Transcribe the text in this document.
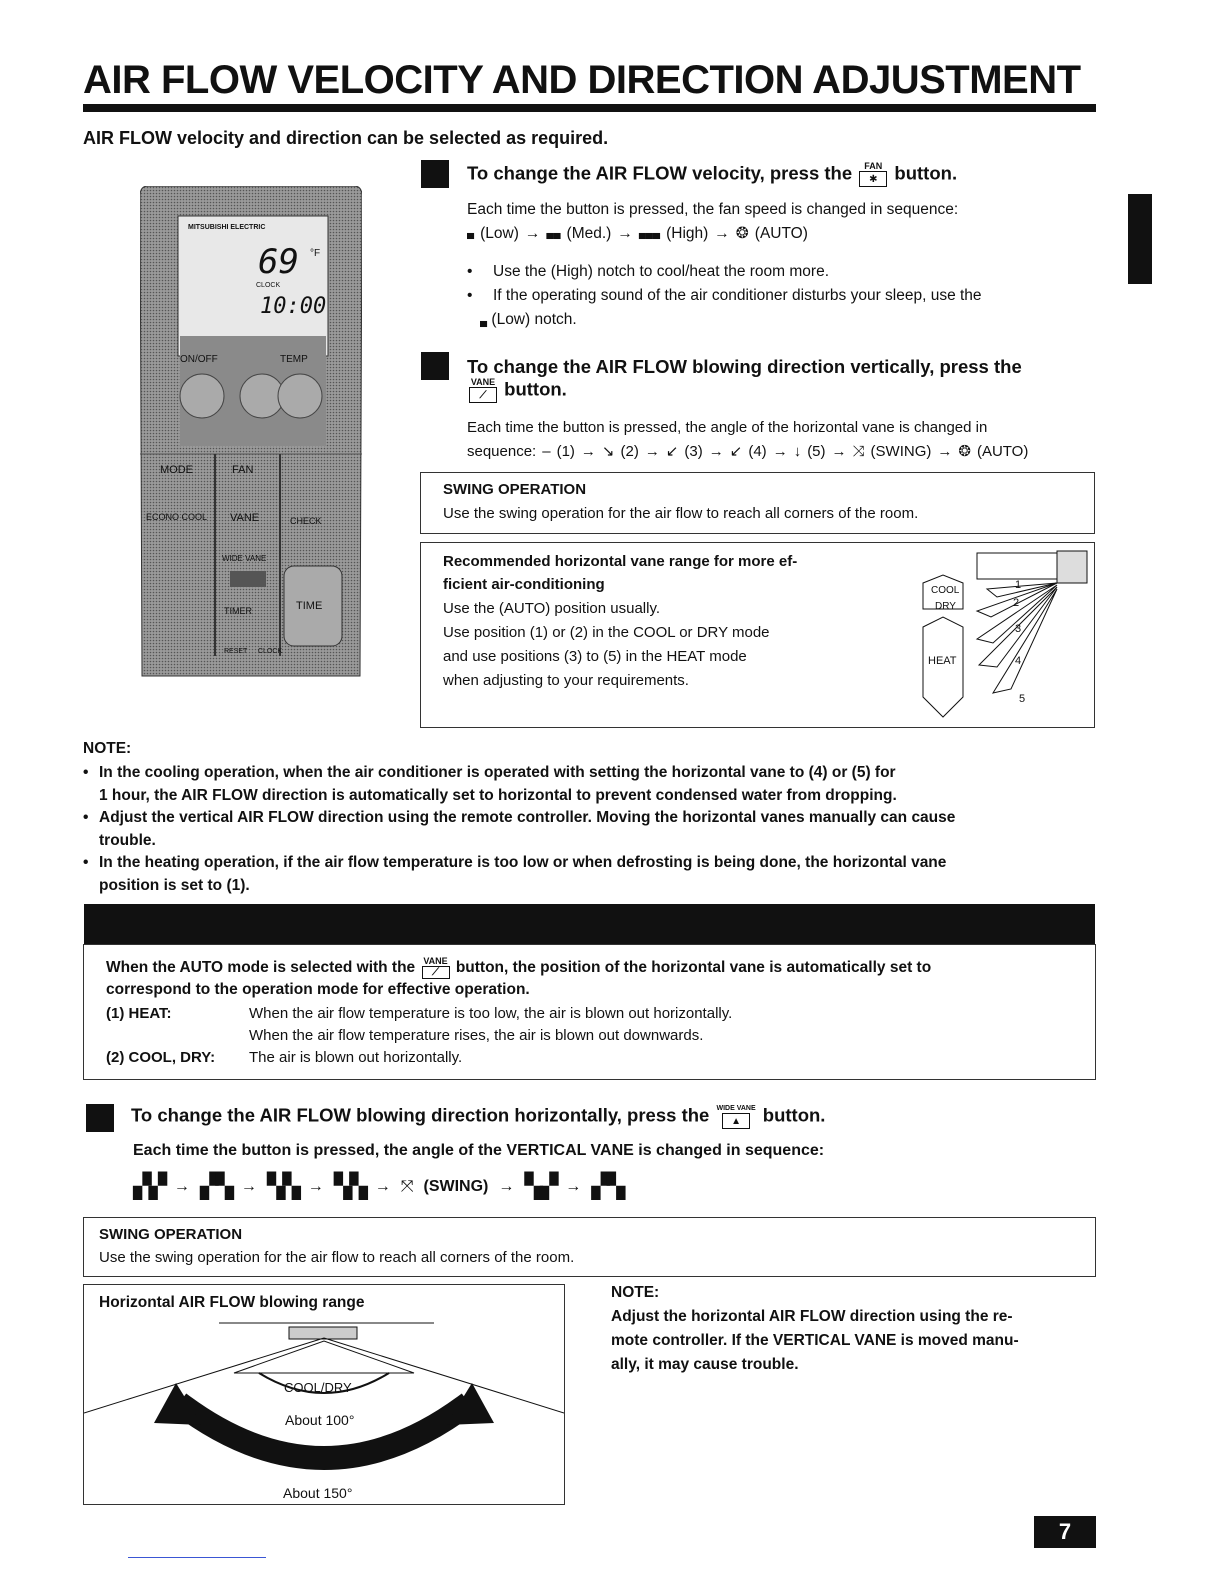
AIR FLOW VELOCITY AND DIRECTION ADJUSTMENT
AIR FLOW velocity and direction can be selected as required.
69 °F
CLOCK
10:00
MITSUBISHI ELECTRIC
ON/OFF	TEMP
MODE	FAN
ECONO COOL VANE
WIDE VANE
TIMER	TIME
RESET CLOCK
CHECK
To change the AIR FLOW velocity, press the FAN
✱ button.
Each time the button is pressed, the fan speed is changed in sequence:
▄ (Low) → ▄▄ (Med.) → ▄▄▄ (High) → ❂ (AUTO)
•	Use the (High) notch to cool/heat the room more.
•	If the operating sound of the air conditioner disturbs your sleep, use the
▄ (Low) notch.
To change the AIR FLOW blowing direction vertically, press the
VANE
⟋ button.
Each time the button is pressed, the angle of the horizontal vane is changed in
sequence: – (1) → ↘ (2) → ↙ (3) → ↙ (4) → ↓ (5) → ⤨ (SWING) → ❂ (AUTO)
SWING OPERATION
Use the swing operation for the air flow to reach all corners of the room.
Recommended horizontal vane range for more ef-
ficient air-conditioning
Use the (AUTO) position usually.
Use position (1) or (2) in the COOL or DRY mode
and use positions (3) to (5) in the HEAT mode
when adjusting to your requirements.
COOL
DRY
HEAT
1
2
3
4
5
NOTE:
• In the cooling operation, when the air conditioner is operated with setting the horizontal vane to (4) or (5) for
1 hour, the AIR FLOW direction is automatically set to horizontal to prevent condensed water from dropping.
• Adjust the vertical AIR FLOW direction using the remote controller. Moving the horizontal vanes manually can cause
trouble.
• In the heating operation, if the air flow temperature is too low or when defrosting is being done, the horizontal vane
position is set to (1).
When the AUTO mode is selected with the VANE
⟋	button, the position of the horizontal vane is automatically set to
correspond to the operation mode for effective operation.
(1) HEAT:	When the air flow temperature is too low, the air is blown out horizontally.
When the air flow temperature rises, the air is blown out downwards.
(2) COOL, DRY: The air is blown out horizontally.
To change the AIR FLOW blowing direction horizontally, press the WIDE VANE
▲	button.
Each time the button is pressed, the angle of the VERTICAL VANE is changed in sequence:
▞▞ → ▞▚ → ▚▚ → ▚▚ → ⤧ (SWING) → ▚▞ → ▞▚
SWING OPERATION
Use the swing operation for the air flow to reach all corners of the room.
Horizontal AIR FLOW blowing range
COOL/DRY
About 100°
About 150°
NOTE:
Adjust the horizontal AIR FLOW direction using the re-
mote controller. If the VERTICAL VANE is moved manu-
ally, it may cause trouble.
7
